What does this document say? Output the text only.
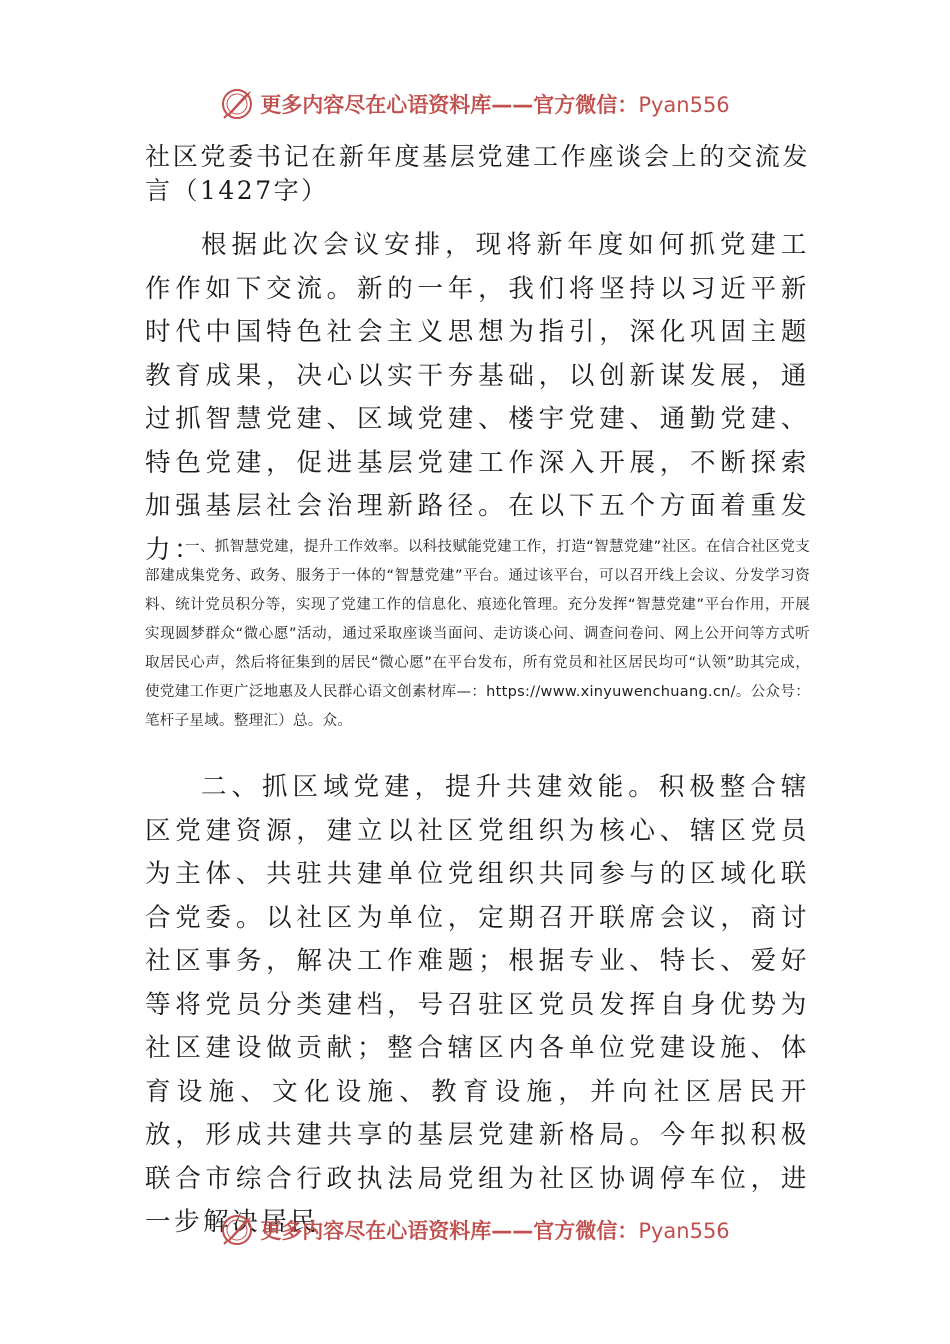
更多内容尽在心语资料库——官方微信：Pyan556
社区党委书记在新年度基层党建工作座谈会上的交流发言（1427字）

根据此次会议安排，现将新年度如何抓党建工作作如下交流。新的一年，我们将坚持以习近平新时代中国特色社会主义思想为指引，深化巩固主题教育成果，决心以实干夯基础，以创新谋发展，通过抓智慧党建、区域党建、楼宇党建、通勤党建、特色党建，促进基层党建工作深入开展，不断探索加强基层社会治理新路径。在以下五个方面着重发力：

一、抓智慧党建，提升工作效率。以科技赋能党建工作，打造“智慧党建”社区。在信合社区党支部建成集党务、政务、服务于一体的“智慧党建”平台。通过该平台，可以召开线上会议、分发学习资料、统计党员积分等，实现了党建工作的信息化、痕迹化管理。充分发挥“智慧党建”平台作用，开展实现圆梦群众“微心愿”活动，通过采取座谈当面问、走访谈心问、调查问卷问、网上公开问等方式听取居民心声，然后将征集到的居民“微心愿”在平台发布，所有党员和社区居民均可“认领”助其完成，使党建工作更广泛地惠及人民群心语文创素材库—：https://www.xinyuwenchuang.cn/。公众号：笔杆子星域。整理汇）总。众。

二、抓区域党建，提升共建效能。积极整合辖区党建资源，建立以社区党组织为核心、辖区党员为主体、共驻共建单位党组织共同参与的区域化联合党委。以社区为单位，定期召开联席会议，商讨社区事务，解决工作难题；根据专业、特长、爱好等将党员分类建档，号召驻区党员发挥自身优势为社区建设做贡献；整合辖区内各单位党建设施、体育设施、文化设施、教育设施，并向社区居民开放，形成共建共享的基层党建新格局。今年拟积极联合市综合行政执法局党组为社区协调停车位，进一步解决居民

更多内容尽在心语资料库——官方微信：Pyan556
